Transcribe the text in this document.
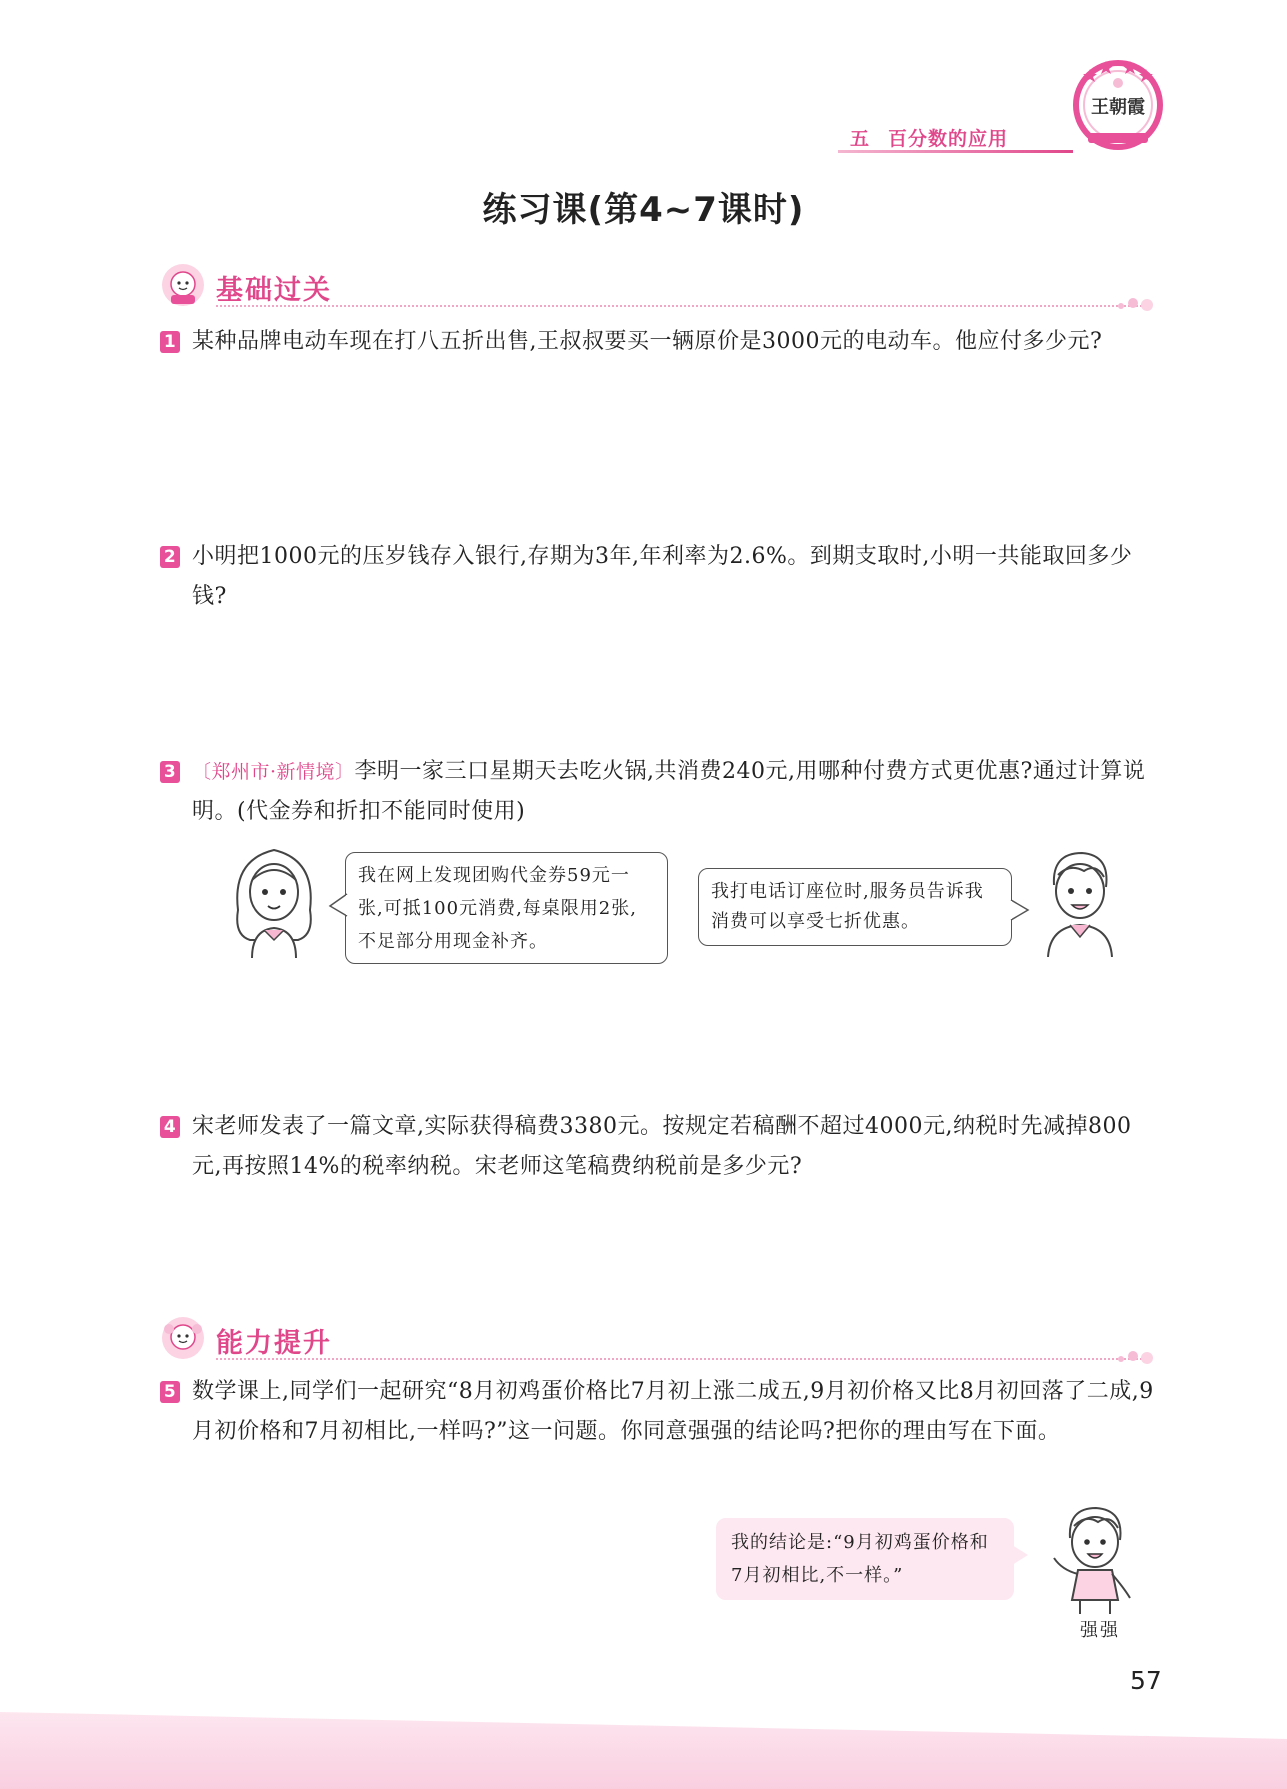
王朝霞
五 百分数的应用
练习课(第4~7课时)
基础过关
1 某种品牌电动车现在打八五折出售,王叔叔要买一辆原价是3000元的电动车。他应付多少元?
2 小明把1000元的压岁钱存入银行,存期为3年,年利率为2.6%。到期支取时,小明一共能取回多少钱?
3 〔郑州市·新情境〕李明一家三口星期天去吃火锅,共消费240元,用哪种付费方式更优惠?通过计算说明。(代金券和折扣不能同时使用)
我在网上发现团购代金券59元一张,可抵100元消费,每桌限用2张,不足部分用现金补齐。
我打电话订座位时,服务员告诉我消费可以享受七折优惠。
4 宋老师发表了一篇文章,实际获得稿费3380元。按规定若稿酬不超过4000元,纳税时先减掉800元,再按照14%的税率纳税。宋老师这笔稿费纳税前是多少元?
能力提升
5 数学课上,同学们一起研究“8月初鸡蛋价格比7月初上涨二成五,9月初价格又比8月初回落了二成,9月初价格和7月初相比,一样吗?”这一问题。你同意强强的结论吗?把你的理由写在下面。
我的结论是:“9月初鸡蛋价格和7月初相比,不一样。”
强强
57
